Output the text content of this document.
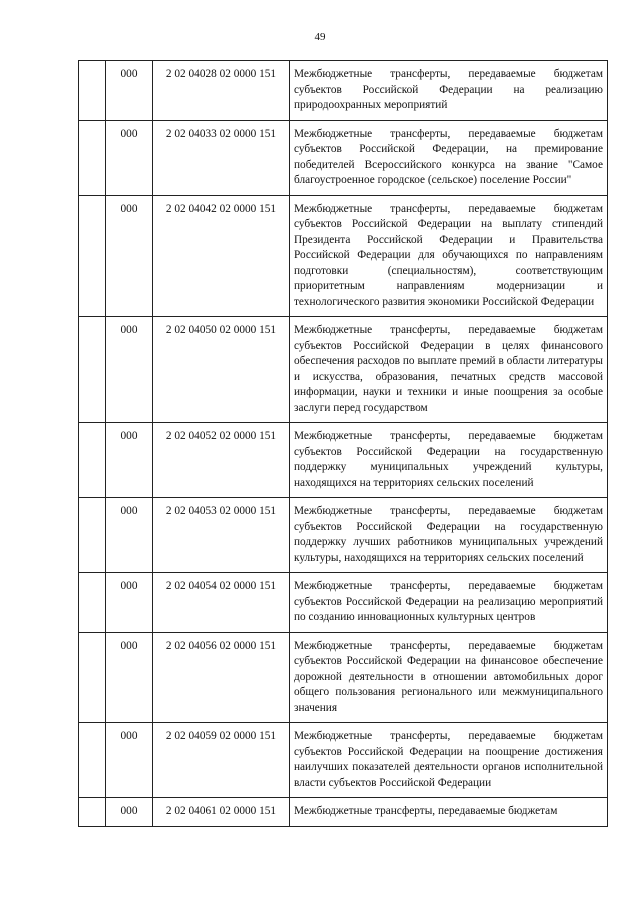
49
	000	2 02 04028 02 0000 151	Межбюджетные трансферты, передаваемые бюджетам субъектов Российской Федерации на реализацию природоохранных мероприятий
	000	2 02 04033 02 0000 151	Межбюджетные трансферты, передаваемые бюджетам субъектов Российской Федерации, на премирование победителей Всероссийского конкурса на звание "Самое благоустроенное городское (сельское) поселение России"
	000	2 02 04042 02 0000 151	Межбюджетные трансферты, передаваемые бюджетам субъектов Российской Федерации на выплату стипендий Президента Российской Федерации и Правительства Российской Федерации для обучающихся по направлениям подготовки (специальностям), соответствующим приоритетным направлениям модернизации и технологического развития экономики Российской Федерации
	000	2 02 04050 02 0000 151	Межбюджетные трансферты, передаваемые бюджетам субъектов Российской Федерации в целях финансового обеспечения расходов по выплате премий в области литературы и искусства, образования, печатных средств массовой информации, науки и техники и иные поощрения за особые заслуги перед государством
	000	2 02 04052 02 0000 151	Межбюджетные трансферты, передаваемые бюджетам субъектов Российской Федерации на государственную поддержку муниципальных учреждений культуры, находящихся на территориях сельских поселений
	000	2 02 04053 02 0000 151	Межбюджетные трансферты, передаваемые бюджетам субъектов Российской Федерации на государственную поддержку лучших работников муниципальных учреждений культуры, находящихся на территориях сельских поселений
	000	2 02 04054 02 0000 151	Межбюджетные трансферты, передаваемые бюджетам субъектов Российской Федерации на реализацию мероприятий по созданию инновационных культурных центров
	000	2 02 04056 02 0000 151	Межбюджетные трансферты, передаваемые бюджетам субъектов Российской Федерации на финансовое обеспечение дорожной деятельности в отношении автомобильных дорог общего пользования регионального или межмуниципального значения
	000	2 02 04059 02 0000 151	Межбюджетные трансферты, передаваемые бюджетам субъектов Российской Федерации на поощрение достижения наилучших показателей деятельности органов исполнительной власти субъектов Российской Федерации
	000	2 02 04061 02 0000 151	Межбюджетные трансферты, передаваемые бюджетам
